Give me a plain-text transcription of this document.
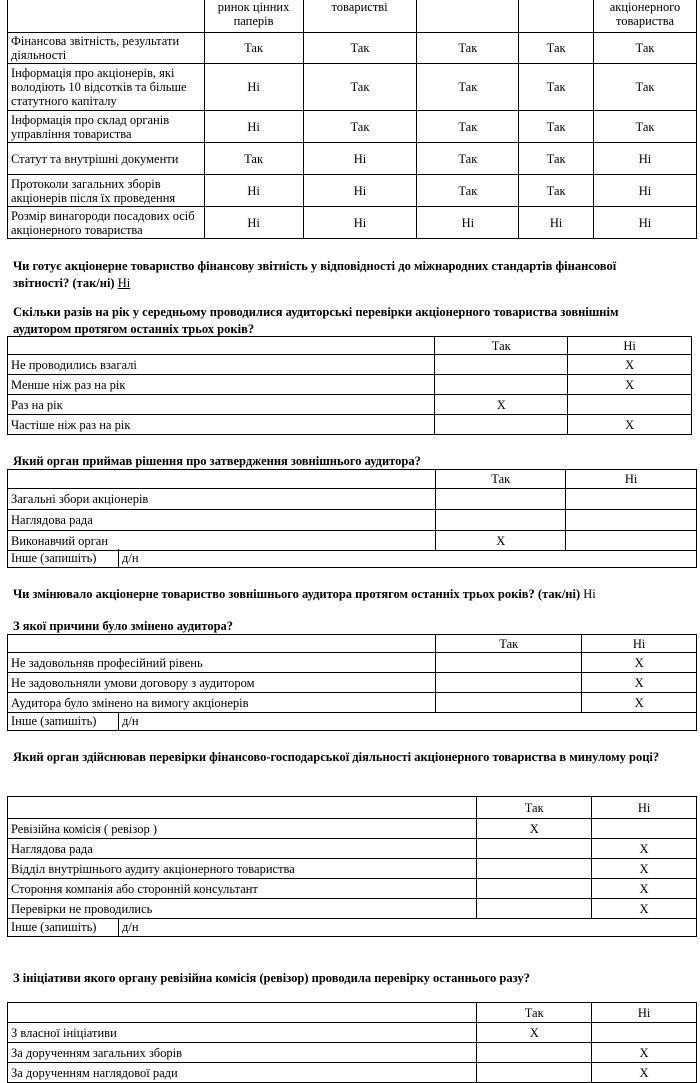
	ринок цінних паперів	товаристві			акціонерного товариства
Фінансова звітність, результати діяльності	Так	Так	Так	Так	Так
Інформація про акціонерів, які володіють 10 відсотків та більше статутного капіталу	Ні	Так	Так	Так	Так
Інформація про склад органів управління товариства	Ні	Так	Так	Так	Так
Статут та внутрішні документи	Так	Ні	Так	Так	Ні
Протоколи загальних зборів акціонерів після їх проведення	Ні	Ні	Так	Так	Ні
Розмір винагороди посадових осіб акціонерного товариства	Ні	Ні	Ні	Ні	Ні
Чи готує акціонерне товариство фінансову звітність у відповідності до міжнародних стандартів фінансової звітності? (так/ні) Ні
Скільки разів на рік у середньому проводилися аудиторські перевірки акціонерного товариства зовнішнім аудитором протягом останніх трьох років?
	Так	Ні
Не проводились взагалі		X
Менше ніж раз на рік		X
Раз на рік	X	
Частіше ніж раз на рік		X
Який орган приймав рішення про затвердження зовнішнього аудитора?
	Так	Ні
Загальні збори акціонерів		
Наглядова рада		
Виконавчий орган	X	
Інше (запишіть)	д/н
Чи змінювало акціонерне товариство зовнішнього аудитора протягом останніх трьох років? (так/ні) Ні
З якої причини було змінено аудитора?
	Так	Ні
Не задовольняв професійний рівень		X
Не задовольняли умови договору з аудитором		X
Аудитора було змінено на вимогу акціонерів		X
Інше (запишіть)	д/н
Який орган здійснював перевірки фінансово-господарської діяльності акціонерного товариства в минулому році?
	Так	Ні
Ревізійна комісія ( ревізор )	X	
Наглядова рада		X
Відділ внутрішнього аудиту акціонерного товариства		X
Стороння компанія або сторонній консультант		X
Перевірки не проводились		X
Інше (запишіть)	д/н
З ініціативи якого органу ревізійна комісія (ревізор) проводила перевірку останнього разу?
	Так	Ні
З власної ініціативи	X	
За дорученням загальних зборів		X
За дорученням наглядової ради		X
